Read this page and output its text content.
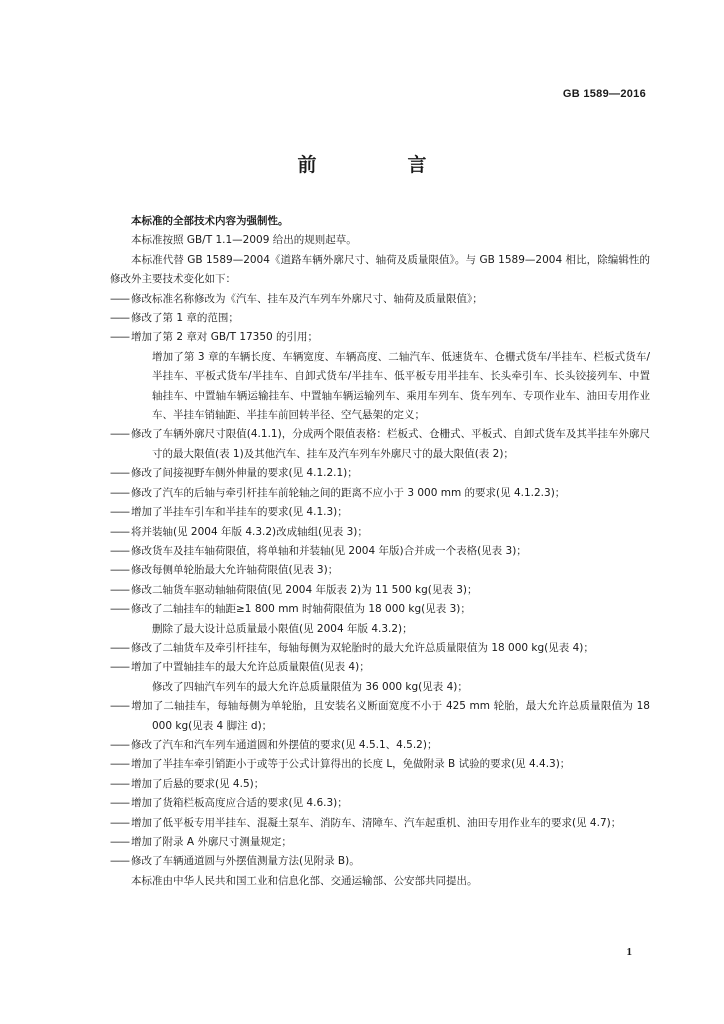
GB 1589—2016
前　言

本标准的全部技术内容为强制性。

本标准按照 GB/T 1.1—2009 给出的规则起草。

本标准代替 GB 1589—2004《道路车辆外廓尺寸、轴荷及质量限值》。与 GB 1589—2004 相比，除编辑性的修改外主要技术变化如下：

——修改标准名称修改为《汽车、挂车及汽车列车外廓尺寸、轴荷及质量限值》；

——修改了第 1 章的范围；

——增加了第 2 章对 GB/T 17350 的引用；

增加了第 3 章的车辆长度、车辆宽度、车辆高度、二轴汽车、低速货车、仓栅式货车/半挂车、栏板式货车/半挂车、平板式货车/半挂车、自卸式货车/半挂车、低平板专用半挂车、长头牵引车、长头铰接列车、中置轴挂车、中置轴车辆运输挂车、中置轴车辆运输列车、乘用车列车、货车列车、专项作业车、油田专用作业车、半挂车销轴距、半挂车前回转半径、空气悬架的定义；

——修改了车辆外廓尺寸限值(4.1.1)，分成两个限值表格：栏板式、仓栅式、平板式、自卸式货车及其半挂车外廓尺寸的最大限值(表 1)及其他汽车、挂车及汽车列车外廓尺寸的最大限值(表 2)；

——修改了间接视野车侧外伸量的要求(见 4.1.2.1)；

——修改了汽车的后轴与牵引杆挂车前轮轴之间的距离不应小于 3 000 mm 的要求(见 4.1.2.3)；

——增加了半挂车引车和半挂车的要求(见 4.1.3)；

——将并装轴(见 2004 年版 4.3.2)改成轴组(见表 3)；

——修改货车及挂车轴荷限值，将单轴和并装轴(见 2004 年版)合并成一个表格(见表 3)；

——修改每侧单轮胎最大允许轴荷限值(见表 3)；

——修改二轴货车驱动轴轴荷限值(见 2004 年版表 2)为 11 500 kg(见表 3)；

——修改了二轴挂车的轴距≥1 800 mm 时轴荷限值为 18 000 kg(见表 3)；

删除了最大设计总质量最小限值(见 2004 年版 4.3.2)；

——修改了二轴货车及牵引杆挂车，每轴每侧为双轮胎时的最大允许总质量限值为 18 000 kg(见表 4)；

——增加了中置轴挂车的最大允许总质量限值(见表 4)；

修改了四轴汽车列车的最大允许总质量限值为 36 000 kg(见表 4)；

——增加了二轴挂车，每轴每侧为单轮胎，且安装名义断面宽度不小于 425 mm 轮胎，最大允许总质量限值为 18 000 kg(见表 4 脚注 d)；

——修改了汽车和汽车列车通道圆和外摆值的要求(见 4.5.1、4.5.2)；

——增加了半挂车牵引销距小于或等于公式计算得出的长度 L，免做附录 B 试验的要求(见 4.4.3)；

——增加了后悬的要求(见 4.5)；

——增加了货箱栏板高度应合适的要求(见 4.6.3)；

——增加了低平板专用半挂车、混凝土泵车、消防车、清障车、汽车起重机、油田专用作业车的要求(见 4.7)；

——增加了附录 A 外廓尺寸测量规定；

——修改了车辆通道圆与外摆值测量方法(见附录 B)。

本标准由中华人民共和国工业和信息化部、交通运输部、公安部共同提出。

1
